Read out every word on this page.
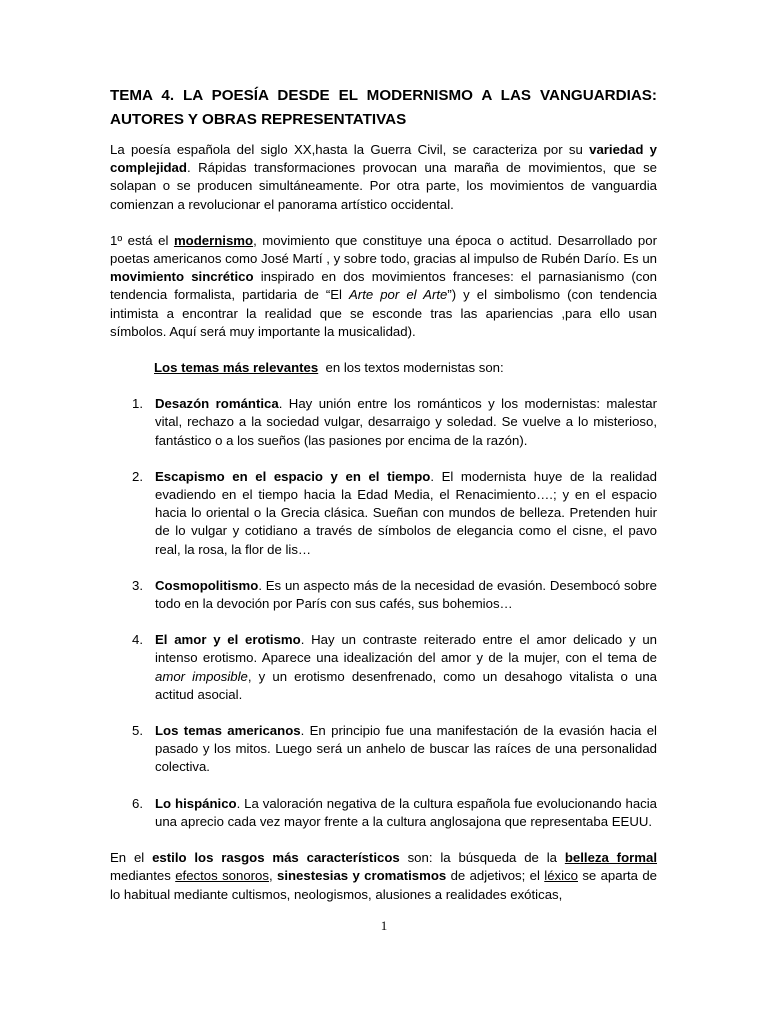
TEMA 4. LA POESÍA DESDE EL MODERNISMO A LAS VANGUARDIAS:
AUTORES Y OBRAS REPRESENTATIVAS

La poesía española del siglo XX,hasta la Guerra Civil, se caracteriza por su variedad y complejidad. Rápidas transformaciones provocan una maraña de movimientos, que se solapan o se producen simultáneamente. Por otra parte, los movimientos de vanguardia comienzan a revolucionar el panorama artístico occidental.

1º está el modernismo, movimiento que constituye una época o actitud. Desarrollado por poetas americanos como José Martí , y sobre todo, gracias al impulso de Rubén Darío. Es un movimiento sincrético inspirado en dos movimientos franceses: el parnasianismo (con tendencia formalista, partidaria de “El Arte por el Arte”) y el simbolismo (con tendencia intimista a encontrar la realidad que se esconde tras las apariencias ,para ello usan símbolos. Aquí será muy importante la musicalidad).

Los temas más relevantes  en los textos modernistas son:

1. Desazón romántica. Hay unión entre los románticos y los modernistas: malestar vital, rechazo a la sociedad vulgar, desarraigo y soledad. Se vuelve a lo misterioso, fantástico o a los sueños (las pasiones por encima de la razón).
2. Escapismo en el espacio y en el tiempo. El modernista huye de la realidad evadiendo en el tiempo hacia la Edad Media, el Renacimiento….; y en el espacio hacia lo oriental o la Grecia clásica. Sueñan con mundos de belleza. Pretenden huir de lo vulgar y cotidiano a través de símbolos de elegancia como el cisne, el pavo real, la rosa, la flor de lis…
3. Cosmopolitismo. Es un aspecto más de la necesidad de evasión. Desembocó sobre todo en la devoción por París con sus cafés, sus bohemios…
4. El amor y el erotismo. Hay un contraste reiterado entre el amor delicado y un intenso erotismo. Aparece una idealización del amor y de la mujer, con el tema de amor imposible, y un erotismo desenfrenado, como un desahogo vitalista o una actitud asocial.
5. Los temas americanos. En principio fue una manifestación de la evasión hacia el pasado y los mitos. Luego será un anhelo de buscar las raíces de una personalidad colectiva.
6. Lo hispánico. La valoración negativa de la cultura española fue evolucionando hacia una aprecio cada vez mayor frente a la cultura anglosajona que representaba EEUU.

En el estilo los rasgos más característicos son: la búsqueda de la belleza formal mediantes efectos sonoros, sinestesias y cromatismos de adjetivos; el léxico se aparta de lo habitual mediante cultismos, neologismos, alusiones a realidades exóticas,

1
